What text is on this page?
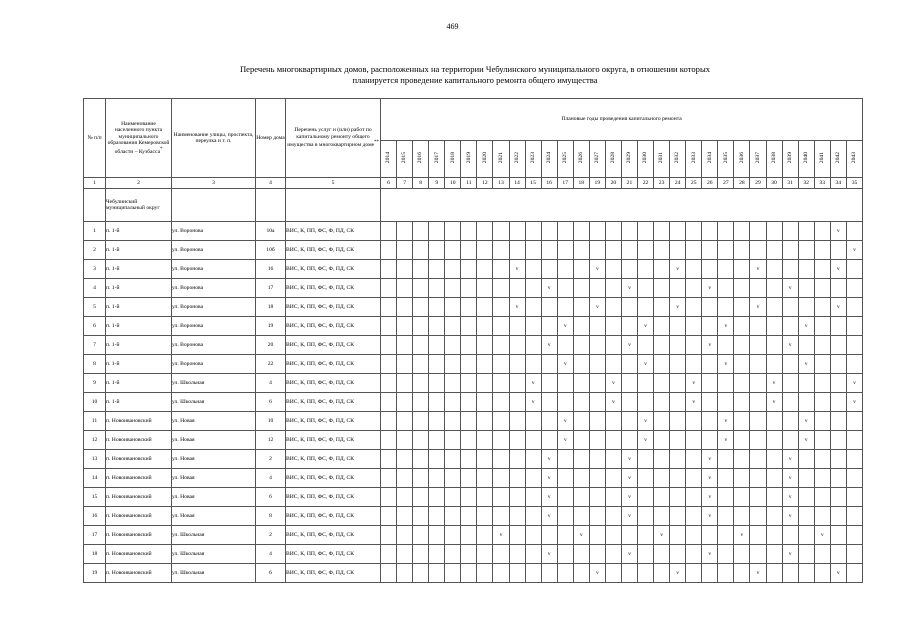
469
Перечень многоквартирных домов, расположенных на территории Чебулинского муниципального округа, в отношении которых
планируется проведение капитального ремонта общего имущества
№ п/п	Наименование населенного пункта муниципального образования Кемеровской области – Кузбасса*	Наименование улицы, проспекта, переулка и т. п.	Номер дома	Перечень услуг и (или) работ по капитальному ремонту общего имущества в многоквартирном доме**	Плановые годы проведения капитального ремонта																													
					2014	2015	2016	2017	2018	2019	2020	2021	2022	2023	2024	2025	2026	2027	2028	2029	2030	2031	2032	2033	2034	2035	2036	2037	2038	2039	2040	2041	2042	2043
1	2	3	4	5	6	7	8	9	10	11	12	13	14	15	16	17	18	19	20	21	22	23	24	25	26	27	28	29	30	31	32	33	34	35
	Чебулинский муниципальный округ																																	
1	п. 1-й	ул. Воронова	10а	ВИС, К, ПП, ФС, Ф, ПД, СК																													v	
2	п. 1-й	ул. Воронова	10б	ВИС, К, ПП, ФС, Ф, ПД, СК																														v
3	п. 1-й	ул. Воронова	16	ВИС, К, ПП, ФС, Ф, ПД, СК									v					v					v					v					v	
4	п. 1-й	ул. Воронова	17	ВИС, К, ПП, ФС, Ф, ПД, СК											v					v					v					v				
5	п. 1-й	ул. Воронова	18	ВИС, К, ПП, ФС, Ф, ПД, СК									v					v					v					v					v	
6	п. 1-й	ул. Воронова	19	ВИС, К, ПП, ФС, Ф, ПД, СК												v					v					v					v			
7	п. 1-й	ул. Воронова	20	ВИС, К, ПП, ФС, Ф, ПД, СК											v					v					v					v				
8	п. 1-й	ул. Воронова	22	ВИС, К, ПП, ФС, Ф, ПД, СК												v					v					v					v			
9	п. 1-й	ул. Школьная	4	ВИС, К, ПП, ФС, Ф, ПД, СК										v					v					v					v					v
10	п. 1-й	ул. Школьная	6	ВИС, К, ПП, ФС, Ф, ПД, СК										v					v					v					v					v
11	п. Новоивановский	ул. Новая	10	ВИС, К, ПП, ФС, Ф, ПД, СК												v					v					v					v			
12	п. Новоивановский	ул. Новая	12	ВИС, К, ПП, ФС, Ф, ПД, СК												v					v					v					v			
13	п. Новоивановский	ул. Новая	2	ВИС, К, ПП, ФС, Ф, ПД, СК											v					v					v					v				
14	п. Новоивановский	ул. Новая	4	ВИС, К, ПП, ФС, Ф, ПД, СК											v					v					v					v				
15	п. Новоивановский	ул. Новая	6	ВИС, К, ПП, ФС, Ф, ПД, СК											v					v					v					v				
16	п. Новоивановский	ул. Новая	8	ВИС, К, ПП, ФС, Ф, ПД, СК											v					v					v					v				
17	п. Новоивановский	ул. Школьная	2	ВИС, К, ПП, ФС, Ф, ПД, СК								v					v					v					v					v		
18	п. Новоивановский	ул. Школьная	4	ВИС, К, ПП, ФС, Ф, ПД, СК											v					v					v					v				
19	п. Новоивановский	ул. Школьная	6	ВИС, К, ПП, ФС, Ф, ПД, СК														v					v					v					v	
